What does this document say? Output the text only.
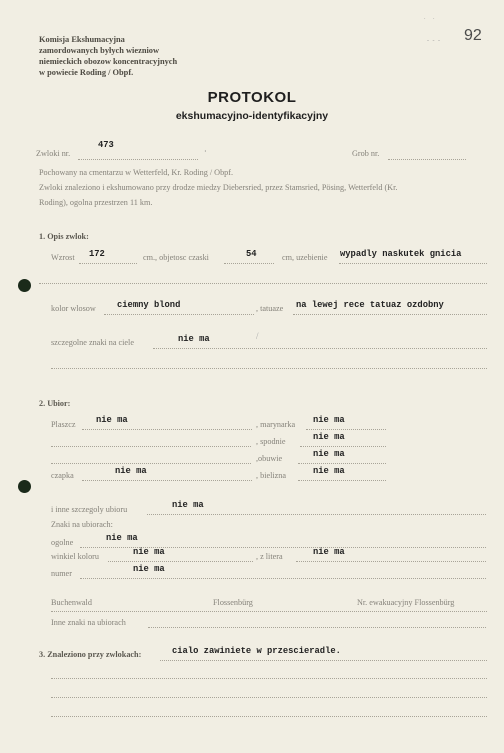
. .
- - - 92
Komisja Ekshumacyjna
zamordowanych byłych wiezniow
niemieckich obozow koncentracyjnych
w powiecie Roding / Obpf.
PROTOKOL
ekshumacyjno-identyfikacyjny
Zwloki nr.
473
·	Grob nr.
Pochowany na cmentarzu w Wetterfeld, Kr. Roding / Obpf.
Zwloki znaleziono i ekshumowano przy drodze miedzy Diebersried, przez Stamsried, Pösing, Wetterfeld (Kr.
Roding), ogolna przestrzen 11 km.
1. Opis zwlok:
Wzrost 172	cm., objetosc czaski	54	cm, uzebienie wypadly naskutek gnicia
kolor wlosow ciemny blond	, tatuaze na lewej rece tatuaz ozdobny
szczegolne znaki na ciele	nie ma	/
2. Ubior:
Plaszcz nie ma	, marynarka nie ma
, spodnie	nie ma
,obuwie	nie ma
czapka	nie ma	, bielizna	nie ma
i inne szczegoly ubioru	nie ma
Znaki na ubiorach:
ogolne	nie ma
winkiel koloru	nie ma	, z litera	nie ma
numer	nie ma
Buchenwald	Flossenbürg	Nr. ewakuacyjny Flossenbürg
Inne znaki na ubiorach
3. Znaleziono przy zwlokach:	cialo zawiniete w przescieradle.
